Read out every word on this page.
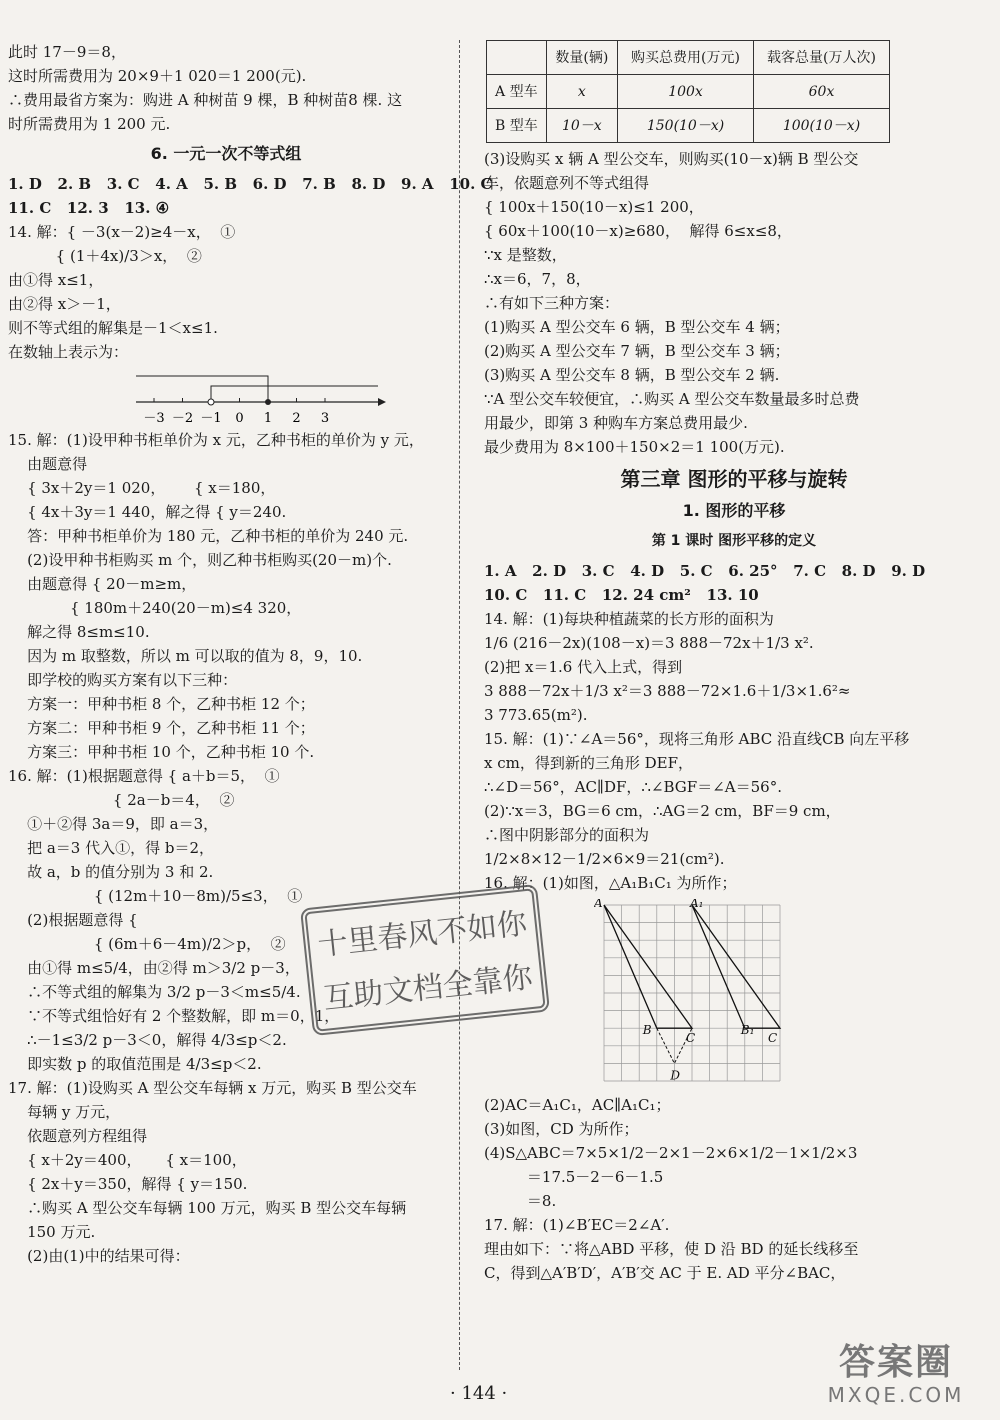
此时 17－9＝8，
这时所需费用为 20×9＋1 020＝1 200(元).
∴费用最省方案为：购进 A 种树苗 9 棵，B 种树苗8 棵. 这
时所需费用为 1 200 元.
6. 一元一次不等式组
1. D   2. B   3. C   4. A   5. B   6. D   7. B   8. D   9. A   10. C
11. C   12. 3   13. ④
14. 解：{ －3(x－2)≥4－x，  ①
{ (1＋4x)/3＞x，  ②
由①得 x≤1，
由②得 x＞－1，
则不等式组的解集是－1＜x≤1.
在数轴上表示为：
－3 －2 －1 0 1 2 3
15. 解：(1)设甲种书柜单价为 x 元，乙种书柜的单价为 y 元，
由题意得
{ 3x＋2y＝1 020，      { x＝180，
{ 4x＋3y＝1 440，解之得 { y＝240.
答：甲种书柜单价为 180 元，乙种书柜的单价为 240 元.
(2)设甲种书柜购买 m 个，则乙种书柜购买(20－m)个.
由题意得 { 20－m≥m，
{ 180m＋240(20－m)≤4 320，
解之得 8≤m≤10.
因为 m 取整数，所以 m 可以取的值为 8，9，10.
即学校的购买方案有以下三种：
方案一：甲种书柜 8 个，乙种书柜 12 个；
方案二：甲种书柜 9 个，乙种书柜 11 个；
方案三：甲种书柜 10 个，乙种书柜 10 个.
16. 解：(1)根据题意得 { a＋b＝5，  ①
{ 2a－b＝4，  ②
①＋②得 3a＝9，即 a＝3，
把 a＝3 代入①，得 b＝2，
故 a，b 的值分别为 3 和 2.
{ (12m＋10－8m)/5≤3，  ①
(2)根据题意得 {
{ (6m＋6－4m)/2＞p，  ②
由①得 m≤5/4，由②得 m＞3/2 p－3，
∴不等式组的解集为 3/2 p－3＜m≤5/4.
∵不等式组恰好有 2 个整数解，即 m＝0，1，
∴－1≤3/2 p－3＜0，解得 4/3≤p＜2.
即实数 p 的取值范围是 4/3≤p＜2.
17. 解：(1)设购买 A 型公交车每辆 x 万元，购买 B 型公交车
每辆 y 万元，
依题意列方程组得
{ x＋2y＝400，     { x＝100，
{ 2x＋y＝350，解得 { y＝150.
∴购买 A 型公交车每辆 100 万元，购买 B 型公交车每辆
150 万元.
(2)由(1)中的结果可得：
	数量(辆)	购买总费用(万元)	载客总量(万人次)
A 型车	x	100x	60x
B 型车	10－x	150(10－x)	100(10－x)
(3)设购买 x 辆 A 型公交车，则购买(10－x)辆 B 型公交
车，依题意列不等式组得
{ 100x＋150(10－x)≤1 200，
{ 60x＋100(10－x)≥680，  解得 6≤x≤8，
∵x 是整数，
∴x＝6，7，8，
∴有如下三种方案：
(1)购买 A 型公交车 6 辆，B 型公交车 4 辆；
(2)购买 A 型公交车 7 辆，B 型公交车 3 辆；
(3)购买 A 型公交车 8 辆，B 型公交车 2 辆.
∵A 型公交车较便宜，∴购买 A 型公交车数量最多时总费
用最少，即第 3 种购车方案总费用最少.
最少费用为 8×100＋150×2＝1 100(万元).
第三章 图形的平移与旋转
1. 图形的平移
第 1 课时 图形平移的定义
1. A   2. D   3. C   4. D   5. C   6. 25°   7. C   8. D   9. D
10. C   11. C   12. 24 cm²   13. 10
14. 解：(1)每块种植蔬菜的长方形的面积为
1/6 (216－2x)(108－x)＝3 888－72x＋1/3 x².
(2)把 x＝1.6 代入上式，得到
3 888－72x＋1/3 x²＝3 888－72×1.6＋1/3×1.6²≈
3 773.65(m²).
15. 解：(1)∵∠A＝56°，现将三角形 ABC 沿直线CB 向左平移
x cm，得到新的三角形 DEF，
∴∠D＝56°，AC∥DF，∴∠BGF＝∠A＝56°.
(2)∵x＝3，BG＝6 cm，∴AG＝2 cm，BF＝9 cm，
∴图中阴影部分的面积为
1/2×8×12－1/2×6×9＝21(cm²).
16. 解：(1)如图，△A₁B₁C₁ 为所作；
A	A₁
B	B₁
C	C
D
(2)AC＝A₁C₁，AC∥A₁C₁；
(3)如图，CD 为所作；
(4)S△ABC＝7×5×1/2－2×1－2×6×1/2－1×1/2×3
＝17.5－2－6－1.5
＝8.
17. 解：(1)∠B′EC＝2∠A′.
理由如下：∵将△ABD 平移，使 D 沿 BD 的延长线移至
C，得到△A′B′D′，A′B′交 AC 于 E. AD 平分∠BAC，
十里春风不如你
互助文档全靠你
· 144 ·
答案圈
MXQE.COM
